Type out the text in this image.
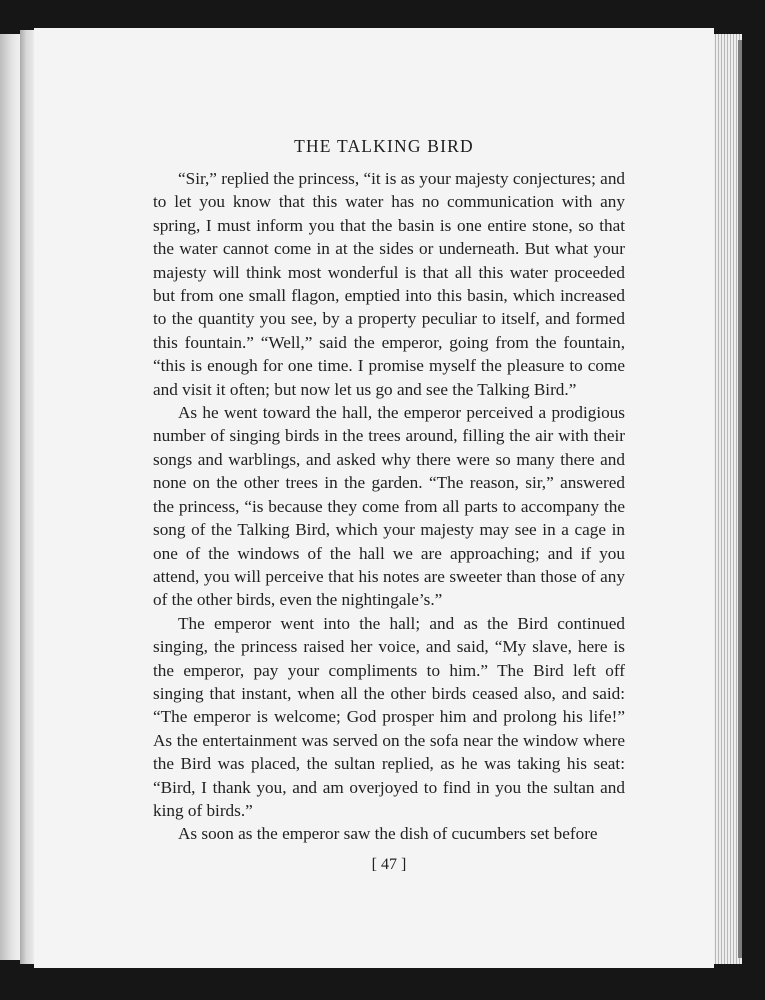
THE TALKING BIRD

“Sir,” replied the princess, “it is as your majesty conjectures; and to let you know that this water has no communication with any spring, I must inform you that the basin is one entire stone, so that the water cannot come in at the sides or underneath. But what your majesty will think most wonderful is that all this water proceeded but from one small flagon, emptied into this basin, which increased to the quantity you see, by a property peculiar to itself, and formed this fountain.” “Well,” said the emperor, going from the fountain, “this is enough for one time. I promise myself the pleasure to come and visit it often; but now let us go and see the Talking Bird.”

As he went toward the hall, the emperor perceived a prodigious number of singing birds in the trees around, filling the air with their songs and warblings, and asked why there were so many there and none on the other trees in the garden. “The reason, sir,” answered the princess, “is because they come from all parts to accompany the song of the Talking Bird, which your majesty may see in a cage in one of the windows of the hall we are approaching; and if you attend, you will perceive that his notes are sweeter than those of any of the other birds, even the nightingale’s.”

The emperor went into the hall; and as the Bird continued singing, the princess raised her voice, and said, “My slave, here is the emperor, pay your compliments to him.” The Bird left off singing that instant, when all the other birds ceased also, and said: “The emperor is welcome; God prosper him and prolong his life!” As the entertainment was served on the sofa near the window where the Bird was placed, the sultan replied, as he was taking his seat: “Bird, I thank you, and am overjoyed to find in you the sultan and king of birds.”

As soon as the emperor saw the dish of cucumbers set before

[ 47 ]
